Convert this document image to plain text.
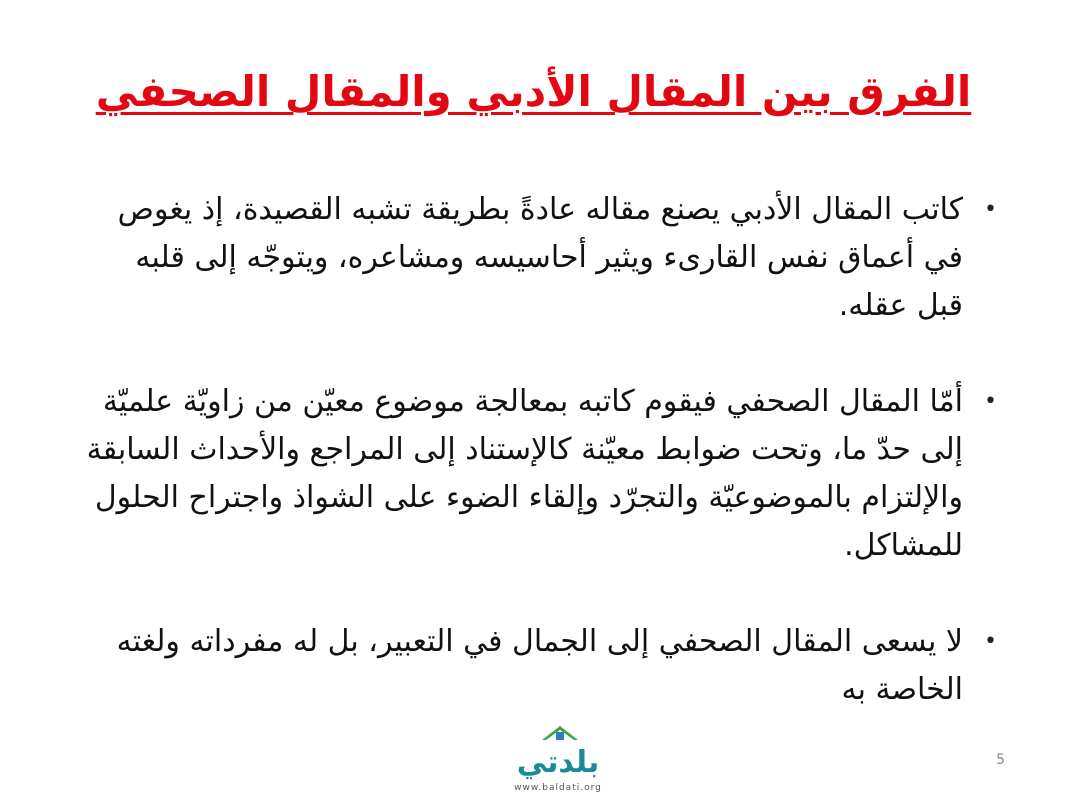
الفرق بين المقال الأدبي والمقال الصحفي
•
كاتب المقال الأدبي يصنع مقاله عادةً بطريقة تشبه القصيدة، إذ يغوص في أعماق نفس القارىء ويثير أحاسيسه ومشاعره، ويتوجّه إلى قلبه قبل عقله.
•
أمّا المقال الصحفي فيقوم كاتبه بمعالجة موضوع معيّن من زاويّة علميّة إلى حدّ ما، وتحت ضوابط معيّنة كالإستناد إلى المراجع والأحداث السابقة والإلتزام بالموضوعيّة والتجرّد وإلقاء الضوء على الشواذ واجتراح الحلول للمشاكل.
•
لا يسعى المقال الصحفي إلى الجمال في التعبير، بل له مفرداته ولغته الخاصة به
بلدتي
www.baldati.org
5
